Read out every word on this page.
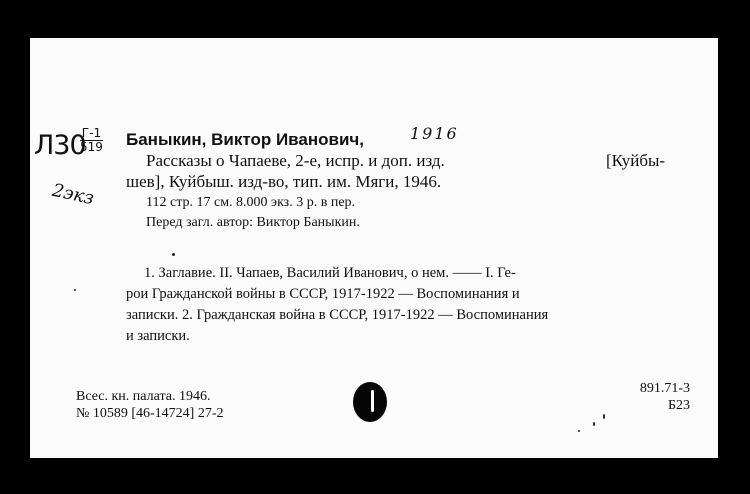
Л30
Г-1
519
2экз
Баныкин, Виктор Иванович,	1916
Рассказы о Чапаеве, 2-е, испр. и доп. изд.	[Куйбы-
шев], Куйбыш. изд-во, тип. им. Мяги, 1946.
112 стр. 17 см. 8.000 экз. 3 р. в пер.
Перед загл. автор: Виктор Баныкин.
1. Заглавие. II. Чапаев, Василий Иванович, о нем. —— I. Ге-
рои Гражданской войны в СССР, 1917-1922 — Воспоминания и
записки. 2. Гражданская война в СССР, 1917-1922 — Воспоминания
и записки.
Всес. кн. палата. 1946.
№ 10589 [46-14724] 27-2
891.71-3
Б23
